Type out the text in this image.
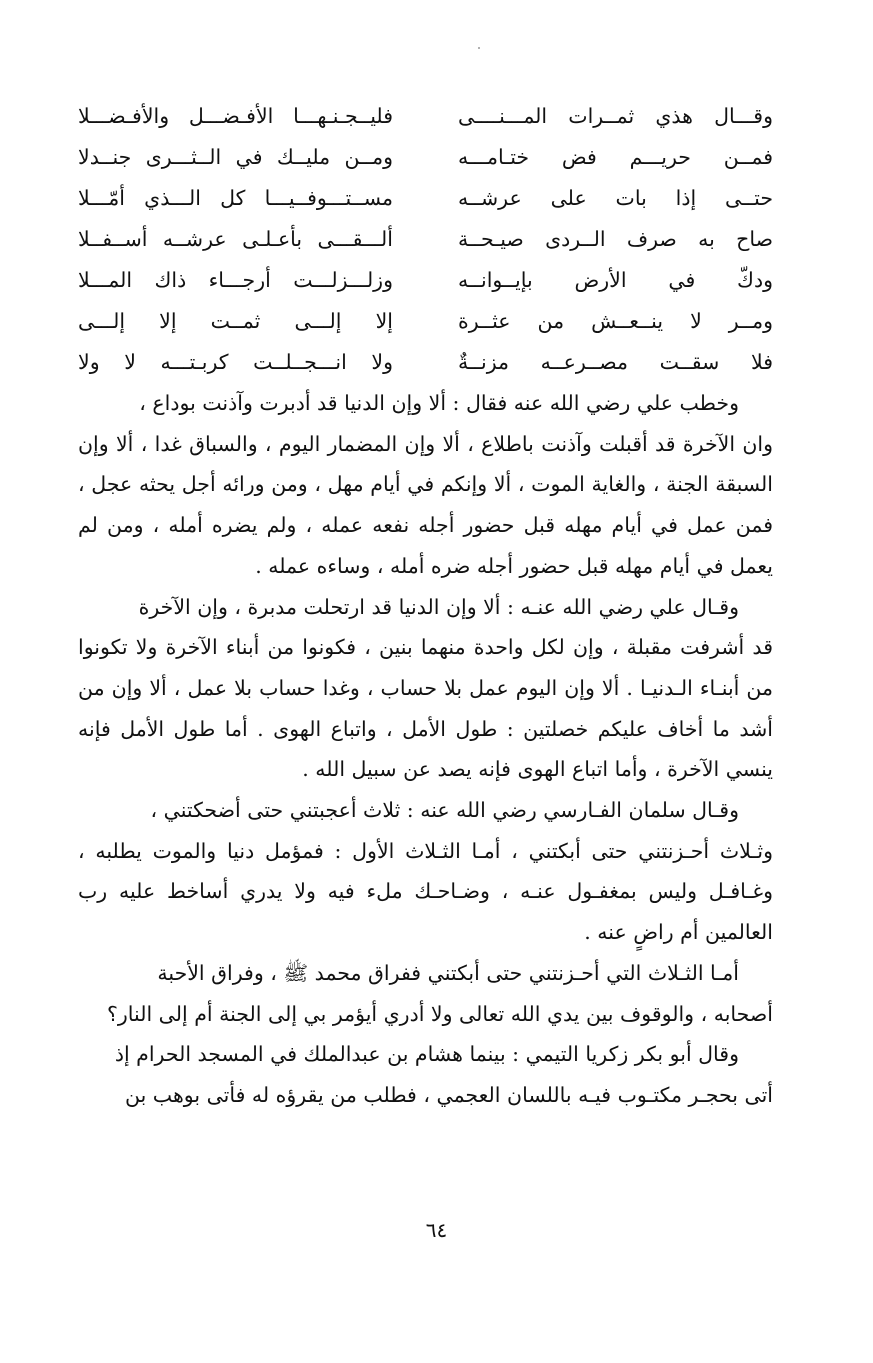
وقـــال هذي ثمــرات المـــنــــى
فليــجـنـهـــا الأفـضـــل والأفـضـــلا
فمــن حريـــم فض ختـامـــه
ومــن مليــك في الــثـــرى جنــدلا
حتــى إذا بات على عرشــه
مســتـــوفــيـــا كل الـــذي أمّـــلا
صاح به صرف الــردى صيـحــة
ألـــقـــى بأعـلـى عرشــه أســفــلا
ودكّ في الأرض بإيــوانــه
وزلـــزلـــت أرجـــاء ذاك المـــلا
ومــر لا ينــعــش من عثــرة
إلا إلـــى ثمــت إلا إلـــى
فلا سقــت مصــرعــه مزنــةٌ
ولا انـــجــلــت كربـتـــه لا ولا

وخطب علي رضي الله عنه فقال : ألا وإن الدنيا قد أدبرت وآذنت بوداع ،
وان الآخرة قد أقبلت وآذنت باطلاع ، ألا وإن المضمار اليوم ، والسباق غدا ، ألا وإن السبقة الجنة ، والغاية الموت ، ألا وإنكم في أيام مهل ، ومن ورائه أجل يحثه عجل ، فمن عمل في أيام مهله قبل حضور أجله نفعه عمله ، ولم يضره أمله ، ومن لم يعمل في أيام مهله قبل حضور أجله ضره أمله ، وساءه عمله .

وقـال علي رضي الله عنـه : ألا وإن الدنيا قد ارتحلت مدبرة ، وإن الآخرة
قد أشرفت مقبلة ، وإن لكل واحدة منهما بنين ، فكونوا من أبناء الآخرة ولا تكونوا من أبنـاء الـدنيـا . ألا وإن اليوم عمل بلا حساب ، وغدا حساب بلا عمل ، ألا وإن من أشد ما أخاف عليكم خصلتين : طول الأمل ، واتباع الهوى . أما طول الأمل فإنه ينسي الآخرة ، وأما اتباع الهوى فإنه يصد عن سبيل الله .

وقـال سلمان الفـارسي رضي الله عنه : ثلاث أعجبتني حتى أضحكتني ،
وثـلاث أحـزنتني حتى أبكتني ، أمـا الثـلاث الأول : فمؤمل دنيا والموت يطلبه ، وغـافـل وليس بمغفـول عنـه ، وضـاحـك ملء فيه ولا يدري أساخط عليه رب العالمين أم راضٍ عنه .

أمـا الثـلاث التي أحـزنتني حتى أبكتني ففراق محمد ﷺ ، وفراق الأحبة
أصحابه ، والوقوف بين يدي الله تعالى ولا أدري أيؤمر بي إلى الجنة أم إلى النار؟

وقال أبو بكر زكريا التيمي : بينما هشام بن عبدالملك في المسجد الحرام إذ
أتى بحجـر مكتـوب فيـه باللسان العجمي ، فطلب من يقرؤه له فأتى بوهب بن

٦٤
